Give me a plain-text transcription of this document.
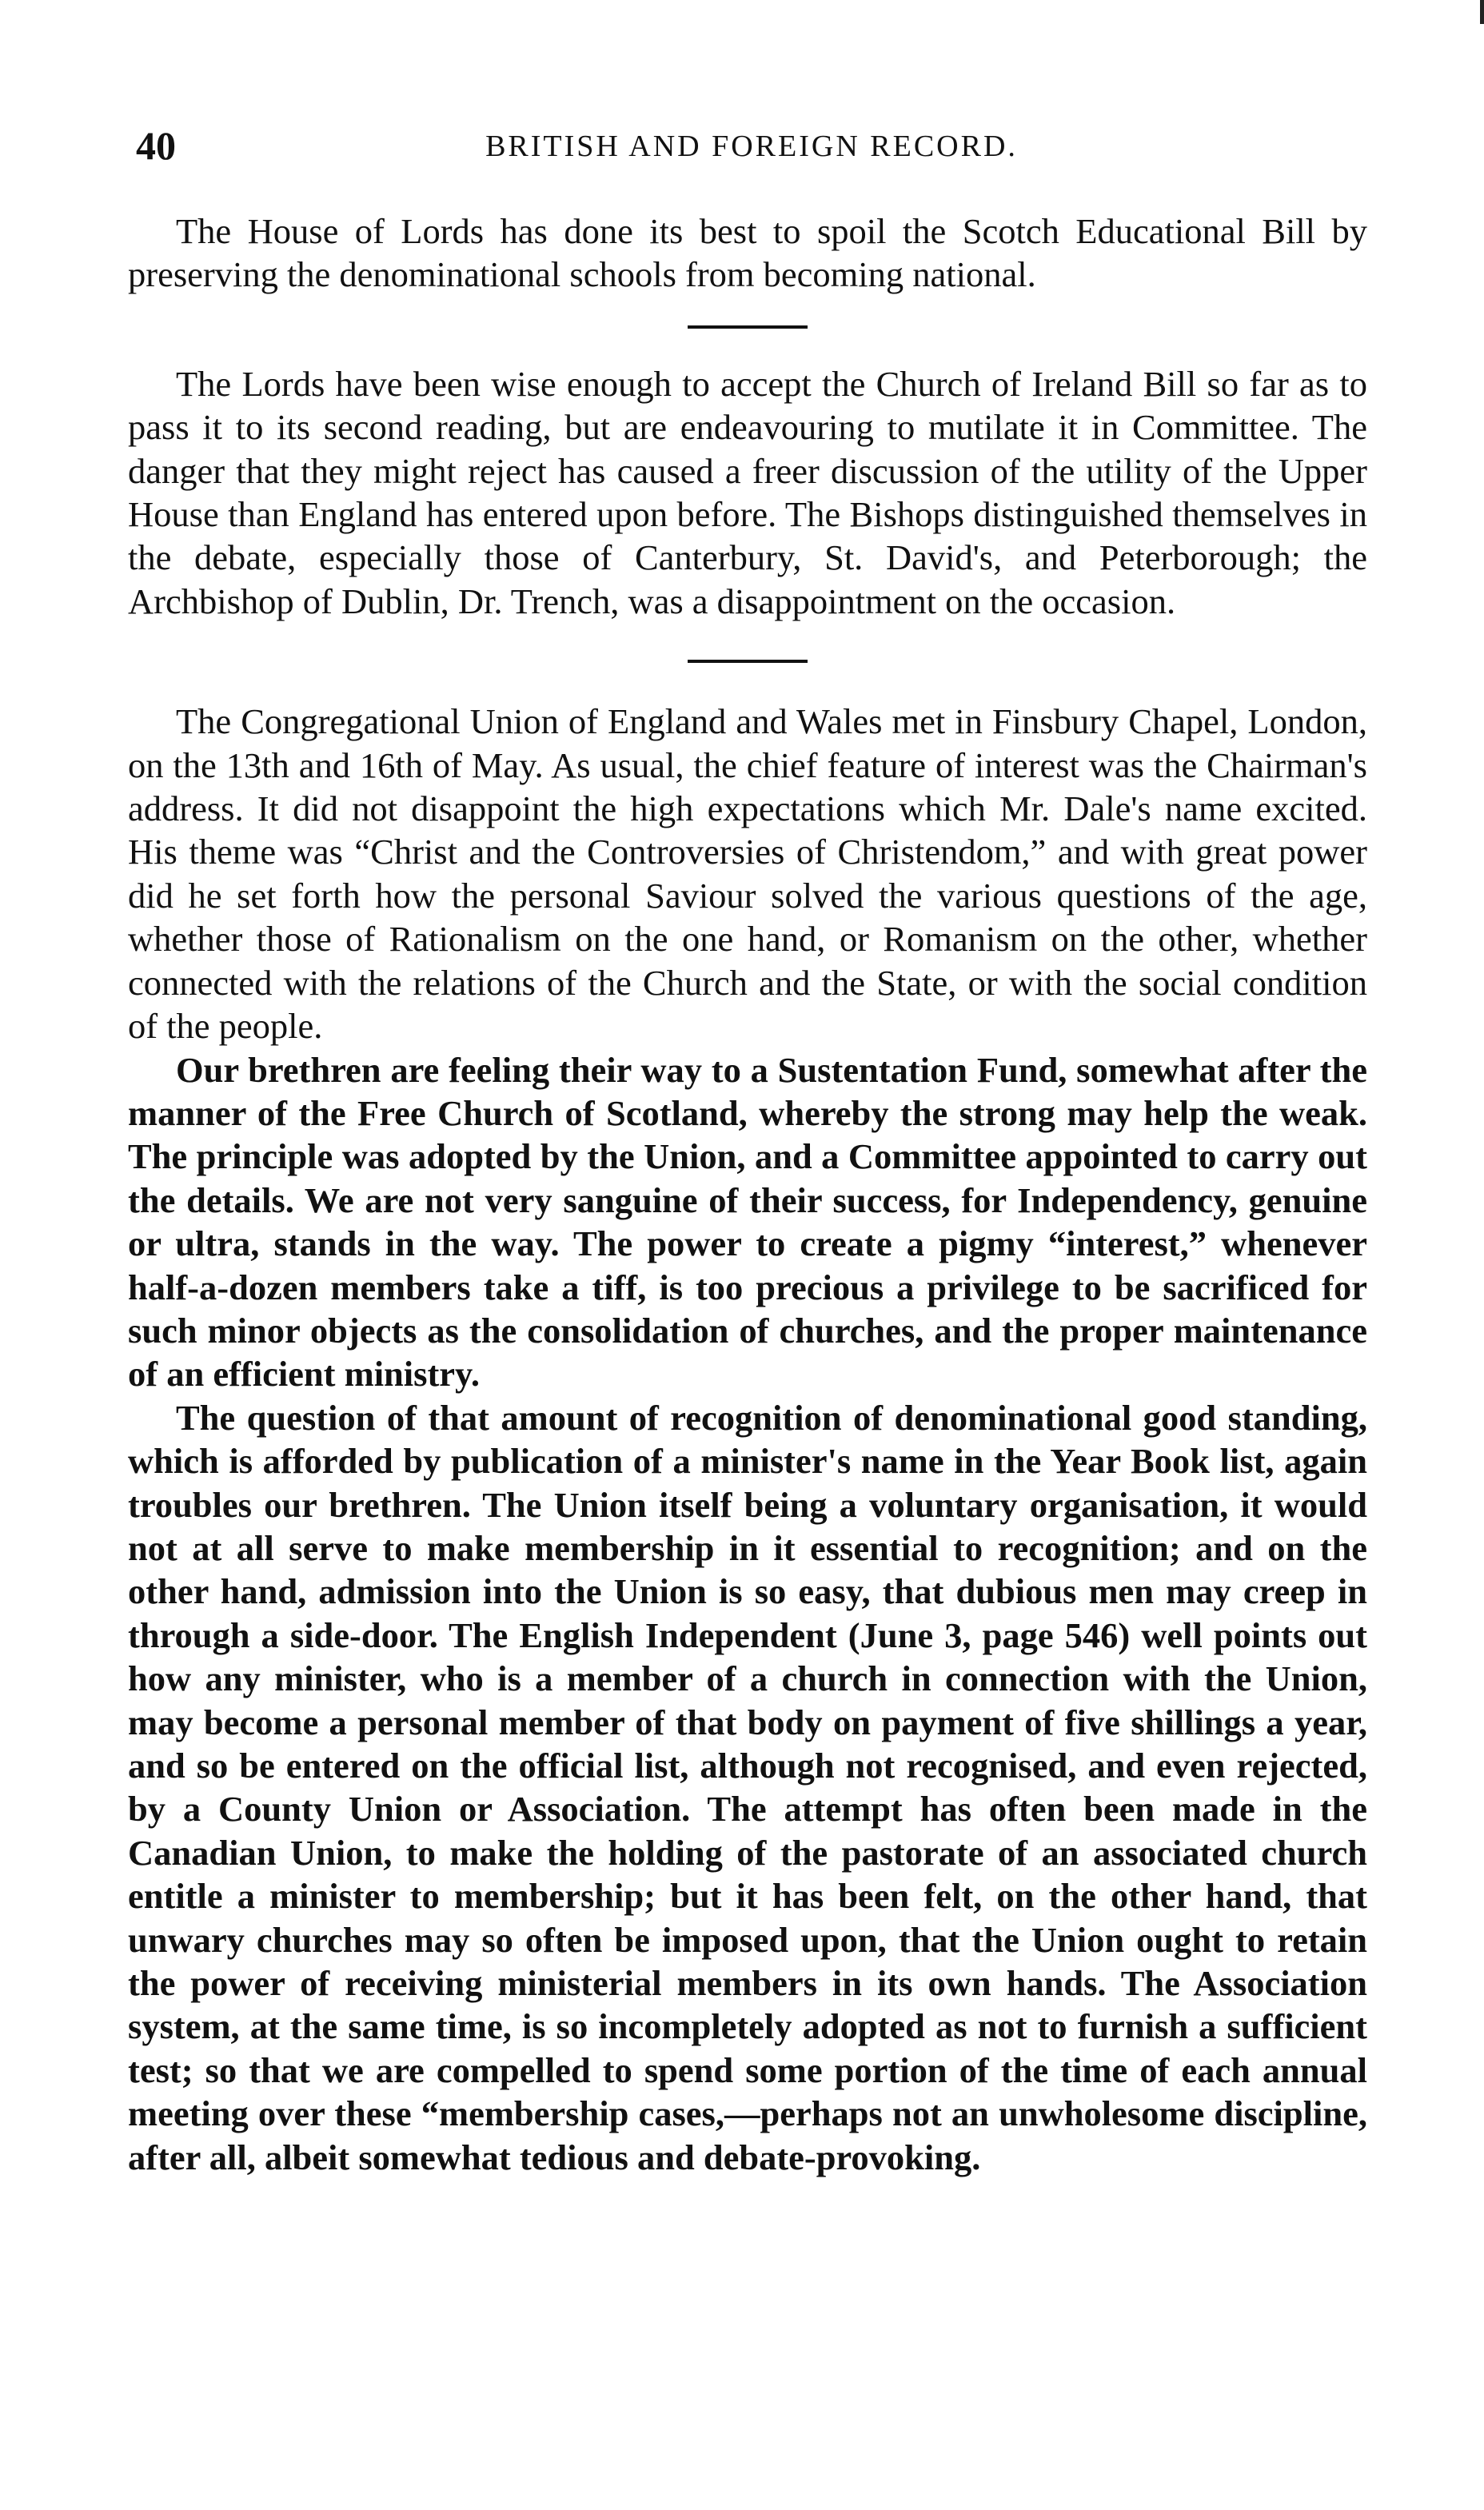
40	BRITISH AND FOREIGN RECORD.

The House of Lords has done its best to spoil the Scotch Educational Bill by preserving the denominational schools from becoming national.

The Lords have been wise enough to accept the Church of Ireland Bill so far as to pass it to its second reading, but are endeavouring to mutilate it in Committee. The danger that they might reject has caused a freer discussion of the utility of the Upper House than England has entered upon before. The Bishops distinguished themselves in the debate, especially those of Canterbury, St. David's, and Peterborough; the Archbishop of Dublin, Dr. Trench, was a disappointment on the occasion.

The Congregational Union of England and Wales met in Finsbury Chapel, London, on the 13th and 16th of May. As usual, the chief feature of interest was the Chairman's address. It did not disappoint the high expectations which Mr. Dale's name excited. His theme was “Christ and the Controversies of Christendom,” and with great power did he set forth how the personal Saviour solved the various questions of the age, whether those of Rationalism on the one hand, or Romanism on the other, whether connected with the relations of the Church and the State, or with the social condition of the people.

Our brethren are feeling their way to a Sustentation Fund, somewhat after the manner of the Free Church of Scotland, whereby the strong may help the weak. The principle was adopted by the Union, and a Committee appointed to carry out the details. We are not very sanguine of their success, for Independency, genuine or ultra, stands in the way. The power to create a pigmy “interest,” whenever half-a-dozen members take a tiff, is too precious a privilege to be sacrificed for such minor objects as the consolidation of churches, and the proper maintenance of an efficient ministry.

The question of that amount of recognition of denominational good standing, which is afforded by publication of a minister's name in the Year Book list, again troubles our brethren. The Union itself being a voluntary organisation, it would not at all serve to make membership in it essential to recognition; and on the other hand, admission into the Union is so easy, that dubious men may creep in through a side-door. The English Independent (June 3, page 546) well points out how any minister, who is a member of a church in connection with the Union, may become a personal member of that body on payment of five shillings a year, and so be entered on the official list, although not recognised, and even rejected, by a County Union or Association. The attempt has often been made in the Canadian Union, to make the holding of the pastorate of an associated church entitle a minister to membership; but it has been felt, on the other hand, that unwary churches may so often be imposed upon, that the Union ought to retain the power of receiving ministerial members in its own hands. The Association system, at the same time, is so incompletely adopted as not to furnish a sufficient test; so that we are compelled to spend some portion of the time of each annual meeting over these “membership cases,—perhaps not an unwholesome discipline, after all, albeit somewhat tedious and debate-provoking.
